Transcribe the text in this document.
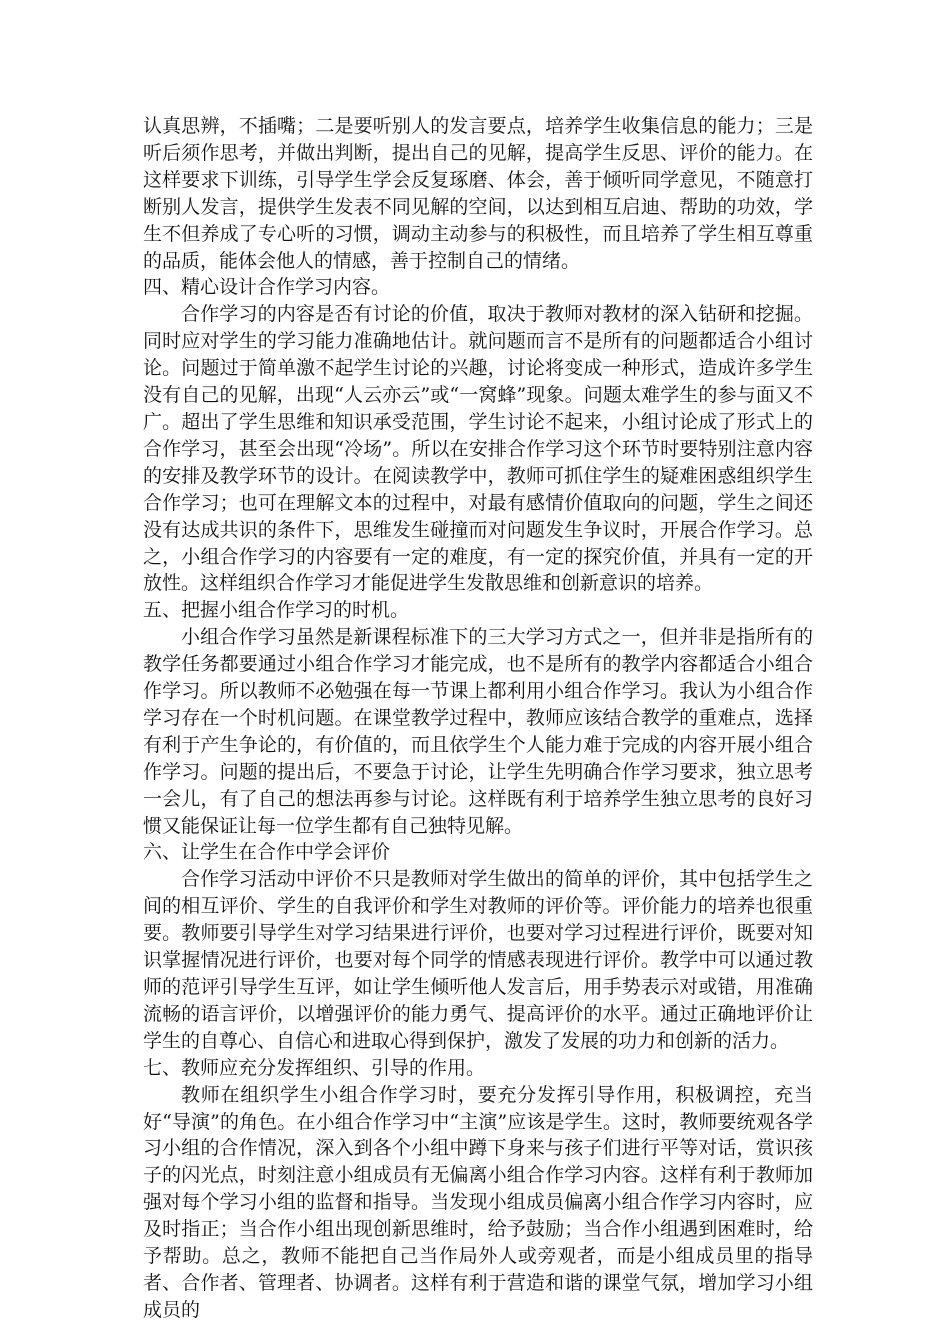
认真思辨，不插嘴；二是要听别人的发言要点，培养学生收集信息的能力；三是听后须作思考，并做出判断，提出自己的见解，提高学生反思、评价的能力。在这样要求下训练，引导学生学会反复琢磨、体会，善于倾听同学意见，不随意打断别人发言，提供学生发表不同见解的空间，以达到相互启迪、帮助的功效，学生不但养成了专心听的习惯，调动主动参与的积极性，而且培养了学生相互尊重的品质，能体会他人的情感，善于控制自己的情绪。

四、精心设计合作学习内容。

合作学习的内容是否有讨论的价值，取决于教师对教材的深入钻研和挖掘。同时应对学生的学习能力准确地估计。就问题而言不是所有的问题都适合小组讨论。问题过于简单激不起学生讨论的兴趣，讨论将变成一种形式，造成许多学生没有自己的见解，出现“人云亦云”或“一窝蜂”现象。问题太难学生的参与面又不广。超出了学生思维和知识承受范围，学生讨论不起来，小组讨论成了形式上的合作学习，甚至会出现“冷场”。所以在安排合作学习这个环节时要特别注意内容的安排及教学环节的设计。在阅读教学中，教师可抓住学生的疑难困惑组织学生合作学习；也可在理解文本的过程中，对最有感情价值取向的问题，学生之间还没有达成共识的条件下，思维发生碰撞而对问题发生争议时，开展合作学习。总之，小组合作学习的内容要有一定的难度，有一定的探究价值，并具有一定的开放性。这样组织合作学习才能促进学生发散思维和创新意识的培养。

五、把握小组合作学习的时机。

小组合作学习虽然是新课程标准下的三大学习方式之一，但并非是指所有的教学任务都要通过小组合作学习才能完成，也不是所有的教学内容都适合小组合作学习。所以教师不必勉强在每一节课上都利用小组合作学习。我认为小组合作学习存在一个时机问题。在课堂教学过程中，教师应该结合教学的重难点，选择有利于产生争论的，有价值的，而且依学生个人能力难于完成的内容开展小组合作学习。问题的提出后，不要急于讨论，让学生先明确合作学习要求，独立思考一会儿，有了自己的想法再参与讨论。这样既有利于培养学生独立思考的良好习惯又能保证让每一位学生都有自己独特见解。

六、让学生在合作中学会评价

合作学习活动中评价不只是教师对学生做出的简单的评价，其中包括学生之间的相互评价、学生的自我评价和学生对教师的评价等。评价能力的培养也很重要。教师要引导学生对学习结果进行评价，也要对学习过程进行评价，既要对知识掌握情况进行评价，也要对每个同学的情感表现进行评价。教学中可以通过教师的范评引导学生互评，如让学生倾听他人发言后，用手势表示对或错，用准确流畅的语言评价，以增强评价的能力勇气、提高评价的水平。通过正确地评价让学生的自尊心、自信心和进取心得到保护，激发了发展的功力和创新的活力。

七、教师应充分发挥组织、引导的作用。

教师在组织学生小组合作学习时，要充分发挥引导作用，积极调控，充当好“导演”的角色。在小组合作学习中“主演”应该是学生。这时，教师要统观各学习小组的合作情况，深入到各个小组中蹲下身来与孩子们进行平等对话，赏识孩子的闪光点，时刻注意小组成员有无偏离小组合作学习内容。这样有利于教师加强对每个学习小组的监督和指导。当发现小组成员偏离小组合作学习内容时，应及时指正；当合作小组出现创新思维时，给予鼓励；当合作小组遇到困难时，给予帮助。总之，教师不能把自己当作局外人或旁观者，而是小组成员里的指导者、合作者、管理者、协调者。这样有利于营造和谐的课堂气氛，增加学习小组成员的
